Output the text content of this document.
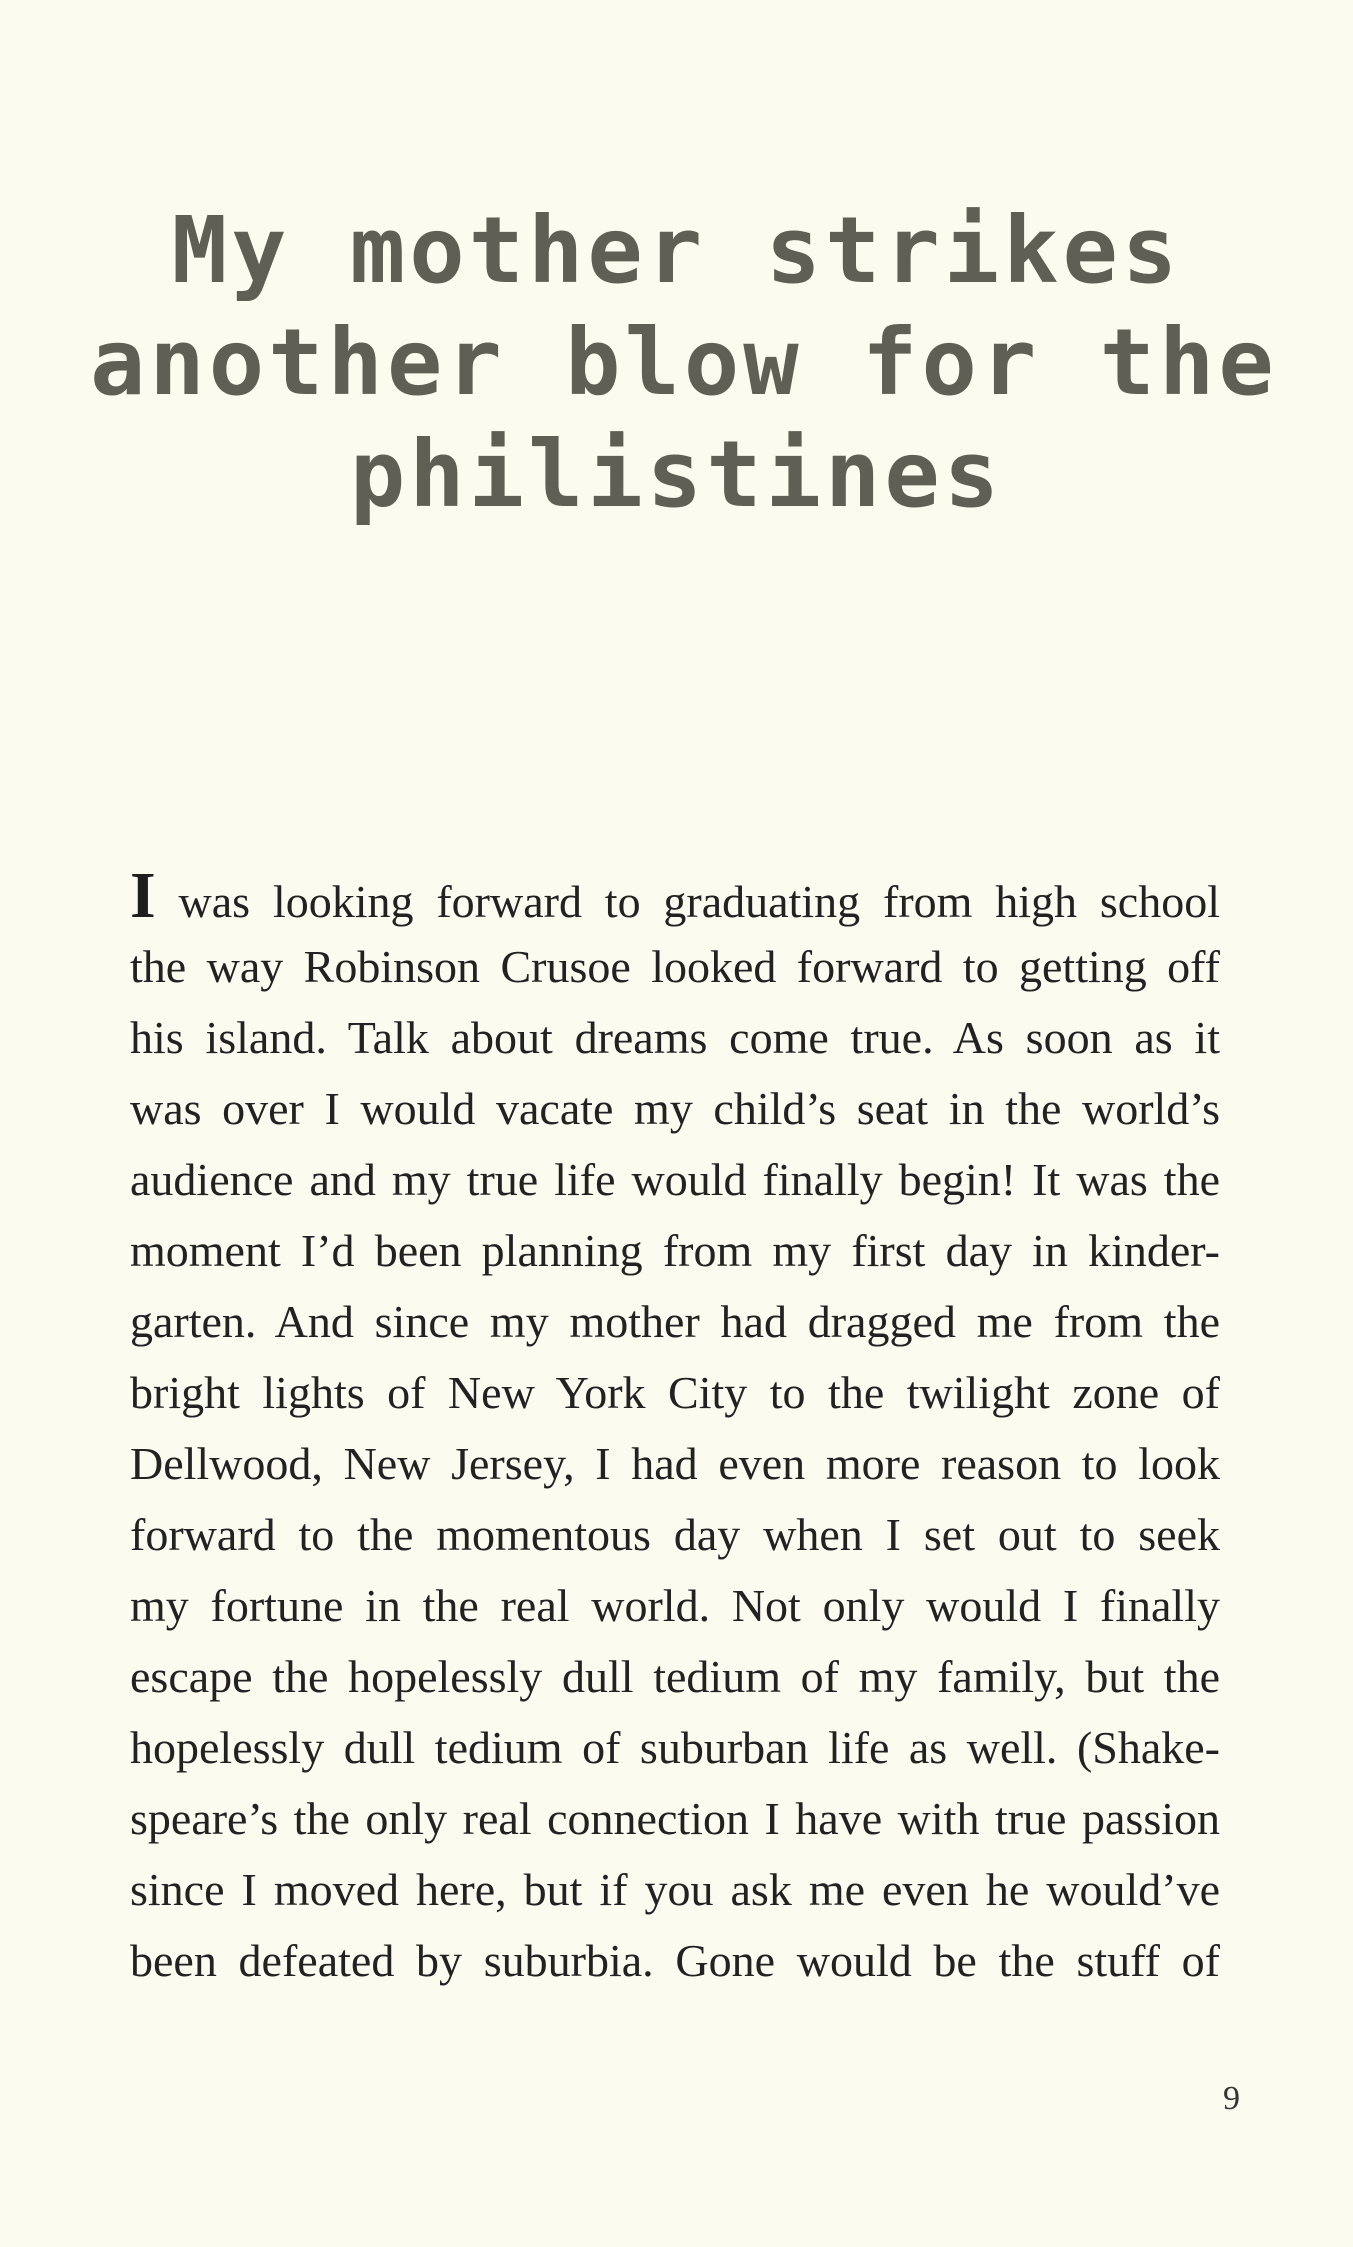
My mother strikes
another blow for the
philistines
I was looking forward to graduating from high school
the way Robinson Crusoe looked forward to getting off
his island. Talk about dreams come true. As soon as it
was over I would vacate my child’s seat in the world’s
audience and my true life would finally begin! It was the
moment I’d been planning from my first day in kinder-
garten. And since my mother had dragged me from the
bright lights of New York City to the twilight zone of
Dellwood, New Jersey, I had even more reason to look
forward to the momentous day when I set out to seek
my fortune in the real world. Not only would I finally
escape the hopelessly dull tedium of my family, but the
hopelessly dull tedium of suburban life as well. (Shake-
speare’s the only real connection I have with true passion
since I moved here, but if you ask me even he would’ve
been defeated by suburbia. Gone would be the stuff of
9
